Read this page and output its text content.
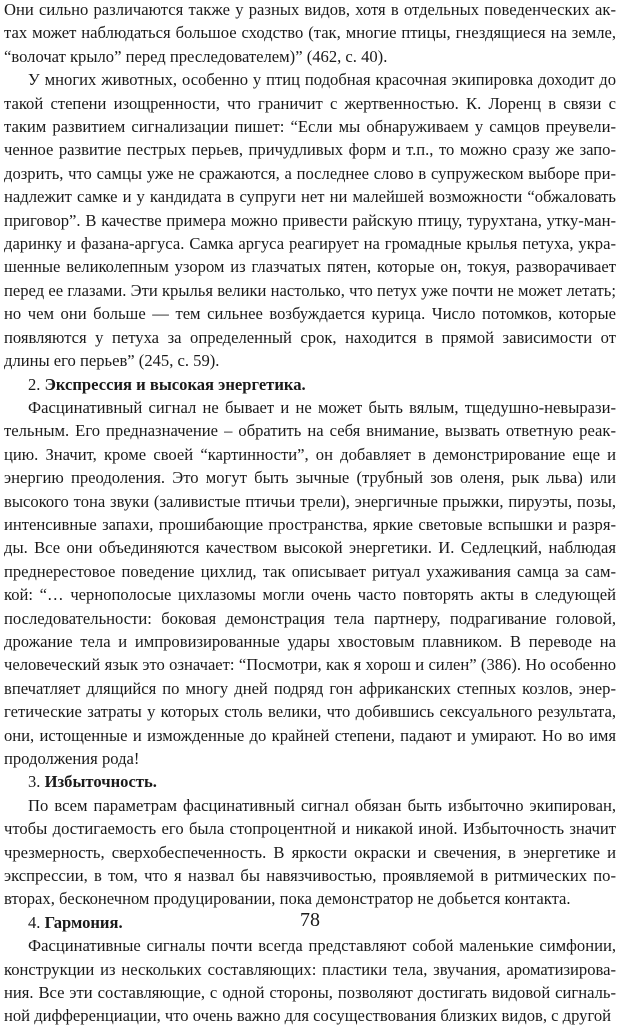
Они сильно различаются также у разных видов, хотя в отдельных поведенческих актах может наблюдаться большое сходство (так, многие птицы, гнездящиеся на земле, “волочат крыло” перед преследователем)” (462, с. 40).

У многих животных, особенно у птиц подобная красочная экипировка доходит до такой степени изощренности, что граничит с жертвенностью. К. Лоренц в связи с таким развитием сигнализации пишет: “Если мы обнаруживаем у самцов преувеличенное развитие пестрых перьев, причудливых форм и т.п., то можно сразу же заподозрить, что самцы уже не сражаются, а последнее слово в супружеском выборе принадлежит самке и у кандидата в супруги нет ни малейшей возможности “обжаловать приговор”. В качестве примера можно привести райскую птицу, турухтана, утку-мандаринку и фазана-аргуса. Самка аргуса реагирует на громадные крылья петуха, украшенные великолепным узором из глазчатых пятен, которые он, токуя, разворачивает перед ее глазами. Эти крылья велики настолько, что петух уже почти не может летать; но чем они больше — тем сильнее возбуждается курица. Число потомков, которые появляются у петуха за определенный срок, находится в прямой зависимости от длины его перьев” (245, с. 59).

2. Экспрессия и высокая энергетика.

Фасцинативный сигнал не бывает и не может быть вялым, тщедушно-невыразительным. Его предназначение – обратить на себя внимание, вызвать ответную реакцию. Значит, кроме своей “картинности”, он добавляет в демонстрирование еще и энергию преодоления. Это могут быть зычные (трубный зов оленя, рык льва) или высокого тона звуки (заливистые птичьи трели), энергичные прыжки, пируэты, позы, интенсивные запахи, прошибающие пространства, яркие световые вспышки и разряды. Все они объединяются качеством высокой энергетики. И. Седлецкий, наблюдая преднерестовое поведение цихлид, так описывает ритуал ухаживания самца за самкой: “… чернополосые цихлазомы могли очень часто повторять акты в следующей последовательности: боковая демонстрация тела партнеру, подрагивание головой, дрожание тела и импровизированные удары хвостовым плавником. В переводе на человеческий язык это означает: “Посмотри, как я хорош и силен” (386). Но особенно впечатляет длящийся по многу дней подряд гон африканских степных козлов, энергетические затраты у которых столь велики, что добившись сексуального результата, они, истощенные и изможденные до крайней степени, падают и умирают. Но во имя продолжения рода!

3. Избыточность.

По всем параметрам фасцинативный сигнал обязан быть избыточно экипирован, чтобы достигаемость его была стопроцентной и никакой иной. Избыточность значит чрезмерность, сверхобеспеченность. В яркости окраски и свечения, в энергетике и экспрессии, в том, что я назвал бы навязчивостью, проявляемой в ритмических повторах, бесконечном продуцировании, пока демонстратор не добьется контакта.

4. Гармония.

Фасцинативные сигналы почти всегда представляют собой маленькие симфонии, конструкции из нескольких составляющих: пластики тела, звучания, ароматизирования. Все эти составляющие, с одной стороны, позволяют достигать видовой сигнальной дифференциации, что очень важно для сосуществования близких видов, с другой

78
